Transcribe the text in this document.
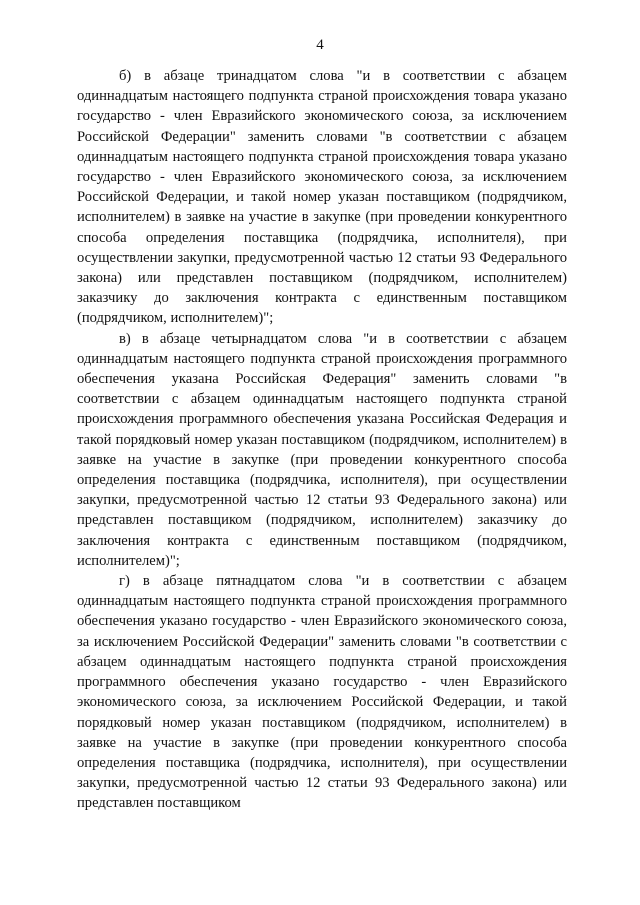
4

б) в абзаце тринадцатом слова "и в соответствии с абзацем одиннадцатым настоящего подпункта страной происхождения товара указано государство - член Евразийского экономического союза, за исключением Российской Федерации" заменить словами "в соответствии с абзацем одиннадцатым настоящего подпункта страной происхождения товара указано государство - член Евразийского экономического союза, за исключением Российской Федерации, и такой номер указан поставщиком (подрядчиком, исполнителем) в заявке на участие в закупке (при проведении конкурентного способа определения поставщика (подрядчика, исполнителя), при осуществлении закупки, предусмотренной частью 12 статьи 93 Федерального закона) или представлен поставщиком (подрядчиком, исполнителем) заказчику до заключения контракта с единственным поставщиком (подрядчиком, исполнителем)";

в) в абзаце четырнадцатом слова "и в соответствии с абзацем одиннадцатым настоящего подпункта страной происхождения программного обеспечения указана Российская Федерация" заменить словами "в соответствии с абзацем одиннадцатым настоящего подпункта страной происхождения программного обеспечения указана Российская Федерация и такой порядковый номер указан поставщиком (подрядчиком, исполнителем) в заявке на участие в закупке (при проведении конкурентного способа определения поставщика (подрядчика, исполнителя), при осуществлении закупки, предусмотренной частью 12 статьи 93 Федерального закона) или представлен поставщиком (подрядчиком, исполнителем) заказчику до заключения контракта с единственным поставщиком (подрядчиком, исполнителем)";

г) в абзаце пятнадцатом слова "и в соответствии с абзацем одиннадцатым настоящего подпункта страной происхождения программного обеспечения указано государство - член Евразийского экономического союза, за исключением Российской Федерации" заменить словами "в соответствии с абзацем одиннадцатым настоящего подпункта страной происхождения программного обеспечения указано государство - член Евразийского экономического союза, за исключением Российской Федерации, и такой порядковый номер указан поставщиком (подрядчиком, исполнителем) в заявке на участие в закупке (при проведении конкурентного способа определения поставщика (подрядчика, исполнителя), при осуществлении закупки, предусмотренной частью 12 статьи 93 Федерального закона) или представлен поставщиком
